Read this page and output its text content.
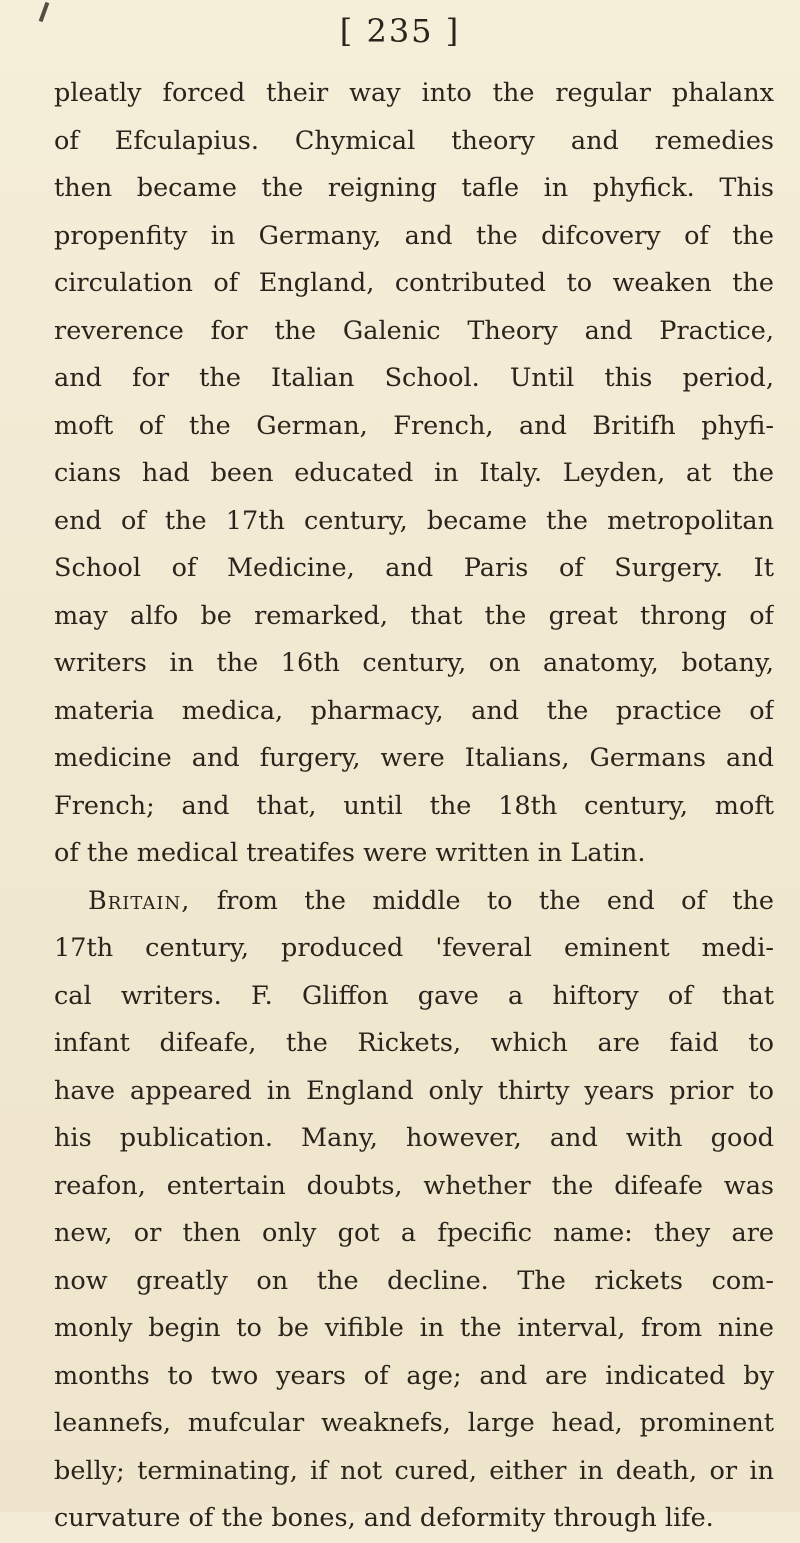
[ 235 ]
pleatly forced their way into the regular phalanx
of Efculapius. Chymical theory and remedies
then became the reigning tafle in phyfick. This
propenfity in Germany, and the difcovery of the
circulation of England, contributed to weaken the
reverence for the Galenic Theory and Practice,
and for the Italian School. Until this period,
moft of the German, French, and Britifh phyfi-
cians had been educated in Italy. Leyden, at the
end of the 17th century, became the metropolitan
School of Medicine, and Paris of Surgery. It
may alfo be remarked, that the great throng of
writers in the 16th century, on anatomy, botany,
materia medica, pharmacy, and the practice of
medicine and furgery, were Italians, Germans and
French; and that, until the 18th century, moft
of the medical treatifes were written in Latin.
Britain, from the middle to the end of the
17th century, produced 'feveral eminent medi-
cal writers. F. Gliffon gave a hiftory of that
infant difeafe, the Rickets, which are faid to
have appeared in England only thirty years prior to
his publication. Many, however, and with good
reafon, entertain doubts, whether the difeafe was
new, or then only got a fpecific name: they are
now greatly on the decline. The rickets com-
monly begin to be vifible in the interval, from nine
months to two years of age; and are indicated by
leannefs, mufcular weaknefs, large head, prominent
belly; terminating, if not cured, either in death, or in
curvature of the bones, and deformity through life.
